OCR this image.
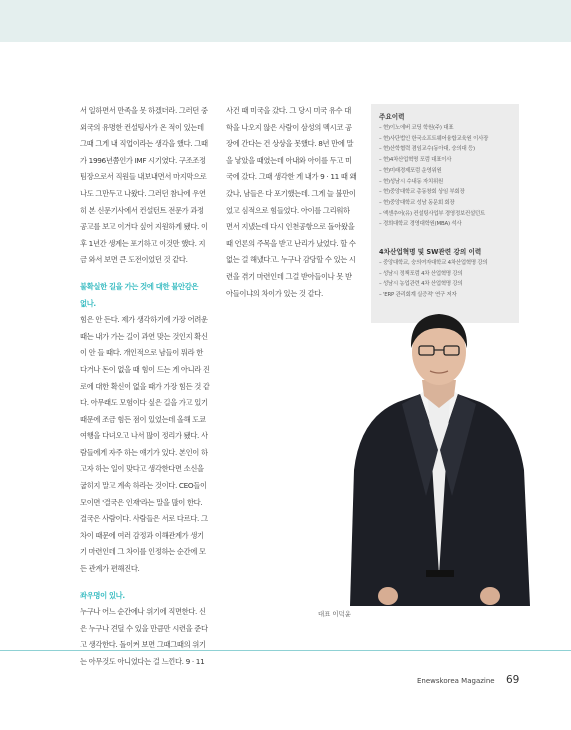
서 일하면서 만족을 못 하겠더라. 그러던 중

외국의 유명한 컨설팅사가 온 적이 있는데

그때 그게 내 직업이라는 생각을 했다. 그때

가 1996년쯤인가 IMF 시기였다. 구조조정

팀장으로서 직원들 내보내면서 마지막으로

나도 그만두고 나왔다. 그러던 참나에 우연

히 본 신문기사에서 컨설턴트 전문가 과정

공고를 보고 이거다 싶어 지원하게 됐다. 이

후 1년간 생계는 포기하고 이것만 했다. 지

금 와서 보면 큰 도전이었던 것 같다.

불확실한 길을 가는 것에 대한 불안감은

없나.

힘은 안 든다. 제가 생각하기에 가장 어려운

때는 내가 가는 길이 과연 맞는 것인지 확신

이 안 들 때다. 개인적으로 남들이 뭐라 한

다거나 돈이 없을 때 힘이 드는 게 아니라 진

로에 대한 확신이 없을 때가 가장 힘든 것 같

다. 아무래도 모험이다 싶은 길을 가고 있기

때문에 조금 힘든 점이 있었는데 올해 도쿄

여행을 다녀오고 나서 많이 정리가 됐다. 사

람들에게 자주 하는 얘기가 있다. 본인이 하

고자 하는 일이 맞다고 생각한다면 소신을

굽히지 말고 계속 하라는 것이다. CEO들이

모이면 '결국은 인재'라는 말을 많이 한다.

결국은 사람이다. 사람들은 서로 다르다. 그

차이 때문에 여러 감정과 이해관계가 생기

기 마련인데 그 차이를 인정하는 순간에 모

든 관계가 편해진다.

좌우명이 있나.

누구나 어느 순간에나 위기에 직면한다. 신

은 누구나 견딜 수 있을 만큼만 시련을 준다

고 생각한다. 돌이켜 보면 그때그때의 위기

는 아무것도 아니었다는 걸 느낀다. 9 · 11

사건 때 미국을 갔다. 그 당시 미국 유수 대

학을 나오지 않은 사람이 삼성의 멕시코 공

장에 간다는 건 상상을 못했다. 8년 만에 말

을 낳았을 때였는데 아내와 아이를 두고 미

국에 갔다. 그때 생각한 게 내가 9 · 11 때 왜

갔나, 남들은 다 포기했는데. 그게 늘 불만이

었고 심적으로 힘들었다. 아이를 그리워하

면서 지냈는데 다시 인천공항으로 돌아왔을

때 언론의 주목을 받고 난리가 났었다. 할 수

없는 걸 해냈다고. 누구나 감당할 수 있는 시

련을 겪기 마련인데 그걸 받아들이나 못 받

아들이냐의 차이가 있는 것 같다.

주요이력
– 현)이노에버 코딩 학원(주) 대표
– 현)사단법인 한국소프트웨어융합교육원 이사장
– 현)산학협력 겸임교수(동아대, 숭의대 등)
– 현)4차산업혁명 포럼 대표이사
– 현)미래경제포럼 운영위원
– 현)성남시 수내동 자치위원
– 현)중앙대학교 총동창회 상임 부회장
– 현)중앙대학교 성남 동문회 회장
– 액센추어(유) 컨설팅사업부 경영정보컨설턴트
– 경희대학교 경영대학원(MBA) 석사
4차산업혁명 및 SW관련 강의 이력
– 중앙대학교, 숭의여자대학교 4차산업혁명 강의
– 성남시 정책포럼 4차 산업혁명 강의
– 성남시 농업관련 4차 산업혁명 강의
– 'ERP 관리회계 실증적' 연구 저자
대표 이덕윤
Enewskorea Magazine 69
